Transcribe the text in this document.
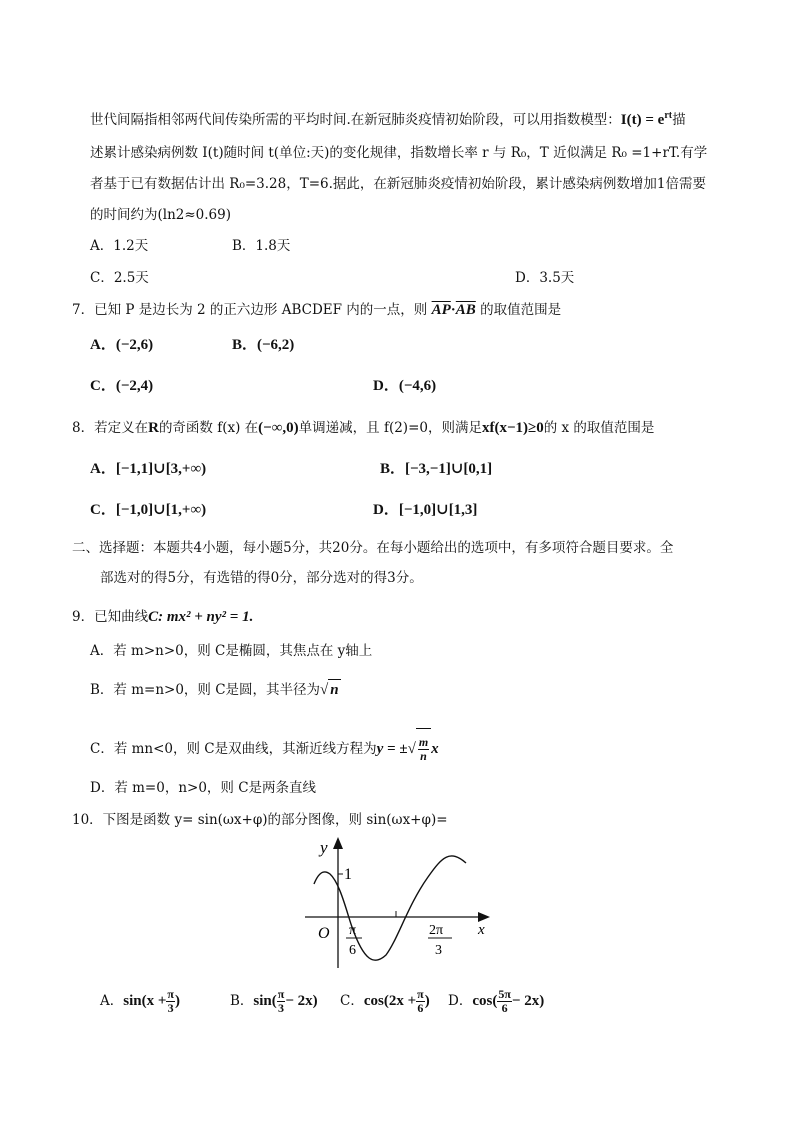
世代间隔指相邻两代间传染所需的平均时间.在新冠肺炎疫情初始阶段，可以用指数模型：$I(t) = e^{rt}$描
述累计感染病例数 I(t)随时间 t(单位:天)的变化规律，指数增长率 r 与 R₀，T 近似满足 R₀ =1+rT.有学
者基于已有数据估计出 R₀=3.28，T=6.据此，在新冠肺炎疫情初始阶段，累计感染病例数增加1倍需要
的时间约为(ln2≈0.69)
A．1.2天	B．1.8天
C．2.5天	D．3.5天
7．已知 P 是边长为 2 的正六边形 ABCDEF 内的一点，则 $\overline{AP}\cdot\overline{AB}$ 的取值范围是
A．(−2,6)	B．(−6,2)
C．(−2,4)	D．(−4,6)
8．若定义在R的奇函数 f(x) 在(−∞,0)单调递减，且 f(2)=0，则满足xf(x−1)≥0的 x 的取值范围是
A．[−1,1]∪[3,+∞)	B．[−3,−1]∪[0,1]
C．[−1,0]∪[1,+∞)	D．[−1,0]∪[1,3]
二、选择题：本题共4小题，每小题5分，共20分。在每小题给出的选项中，有多项符合题目要求。全
部选对的得5分，有选错的得0分，部分选对的得3分。
9．已知曲线C: mx² + ny² = 1.
A．若 m>n>0，则 C是椭圆，其焦点在 y轴上
B．若 m=n>0，则 C是圆，其半径为√ n
C．若 mn<0，则 C是双曲线，其渐近线方程为y = ±√ $\frac{m}{n}$ x
D．若 m=0，n>0，则 C是两条直线
10．下图是函数 y= sin(ωx+φ)的部分图像，则 sin(ωx+φ)=
y
x
O
1
π
6
2π
3
A．$\sin(x + \frac{\pi}{3}$ )	B．$\sin( \frac{\pi}{3} - 2x)$ C．$\cos(2x + \frac{\pi}{6}$ ) D．$\cos( \frac{5\pi}{6} - 2x)$
